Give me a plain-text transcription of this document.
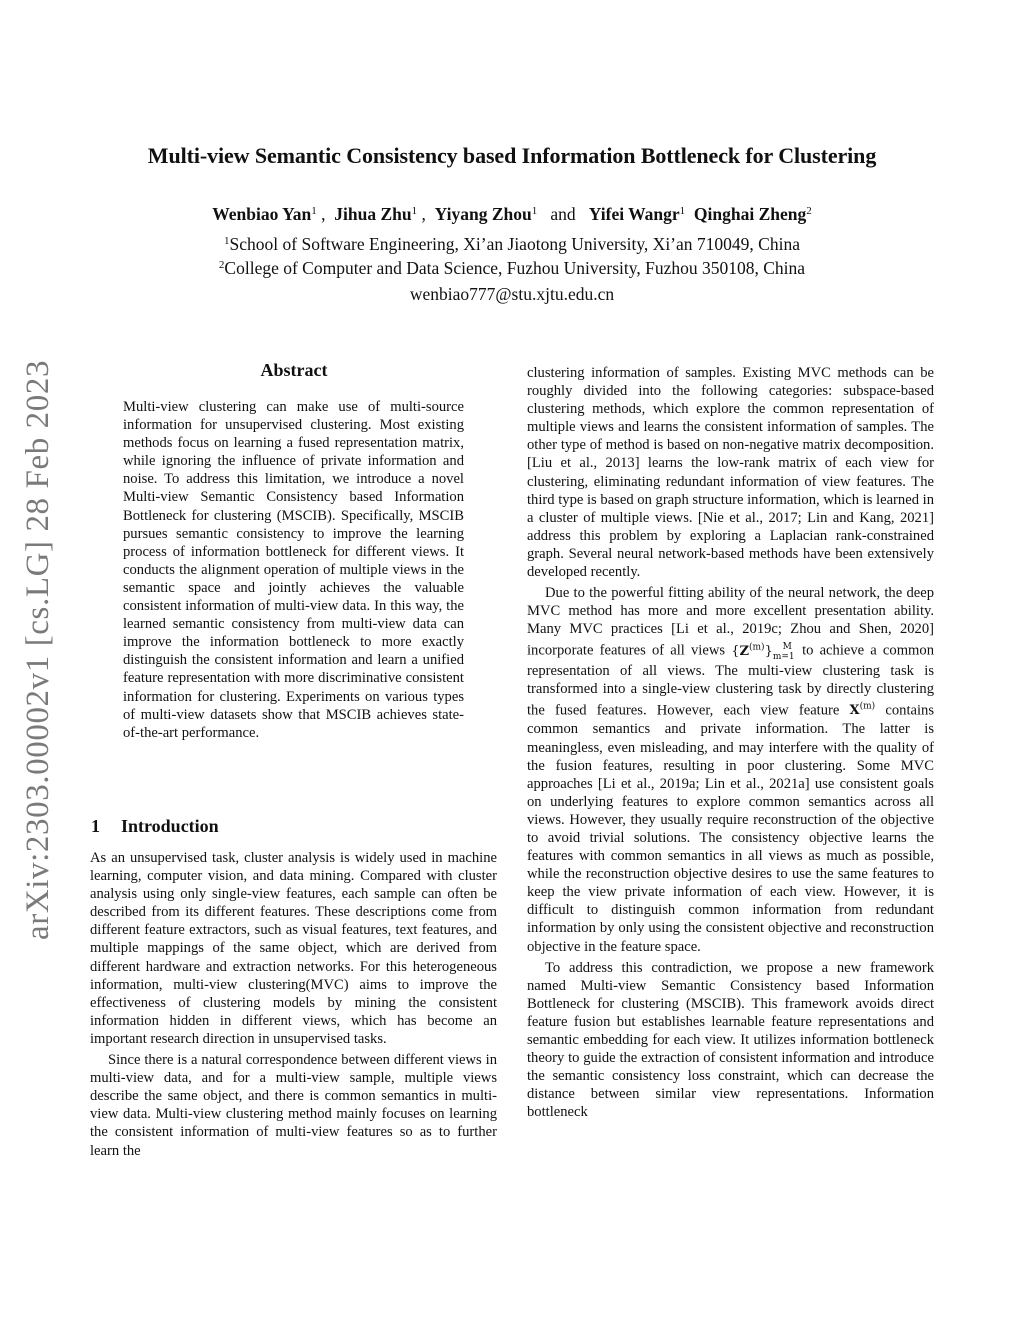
Multi-view Semantic Consistency based Information Bottleneck for Clustering
Wenbiao Yan$^1$ , Jihua Zhu$^1$ , Yiyang Zhou$^1$ and Yifei Wangr$^1$ Qinghai Zheng$^2$
$^1$School of Software Engineering, Xi’an Jiaotong University, Xi’an 710049, China
$^2$College of Computer and Data Science, Fuzhou University, Fuzhou 350108, China
wenbiao777@stu.xjtu.edu.cn
arXiv:2303.00002v1 [cs.LG] 28 Feb 2023	Abstract

Multi-view clustering can make use of multi-source information for unsupervised clustering. Most existing methods focus on learning a fused representation matrix, while ignoring the influence of private information and noise. To address this limitation, we introduce a novel Multi-view Semantic Consistency based Information Bottleneck for clustering (MSCIB). Specifically, MSCIB pursues semantic consistency to improve the learning process of information bottleneck for different views. It conducts the alignment operation of multiple views in the semantic space and jointly achieves the valuable consistent information of multi-view data. In this way, the learned semantic consistency from multi-view data can improve the information bottleneck to more exactly distinguish the consistent information and learn a unified feature representation with more discriminative consistent information for clustering. Experiments on various types of multi-view datasets show that MSCIB achieves state-of-the-art performance.

1 Introduction

As an unsupervised task, cluster analysis is widely used in machine learning, computer vision, and data mining. Compared with cluster analysis using only single-view features, each sample can often be described from its different features. These descriptions come from different feature extractors, such as visual features, text features, and multiple mappings of the same object, which are derived from different hardware and extraction networks. For this heterogeneous information, multi-view clustering(MVC) aims to improve the effectiveness of clustering models by mining the consistent information hidden in different views, which has become an important research direction in unsupervised tasks.

Since there is a natural correspondence between different views in multi-view data, and for a multi-view sample, multiple views describe the same object, and there is common semantics in multi-view data. Multi-view clustering method mainly focuses on learning the consistent information of multi-view features so as to further learn the

clustering information of samples. Existing MVC methods can be roughly divided into the following categories: subspace-based clustering methods, which explore the common representation of multiple views and learns the consistent information of samples. The other type of method is based on non-negative matrix decomposition. [Liu et al., 2013] learns the low-rank matrix of each view for clustering, eliminating redundant information of view features. The third type is based on graph structure information, which is learned in a cluster of multiple views. [Nie et al., 2017; Lin and Kang, 2021] address this problem by exploring a Laplacian rank-constrained graph. Several neural network-based methods have been extensively developed recently.

Due to the powerful fitting ability of the neural network, the deep MVC method has more and more excellent presentation ability. Many MVC practices [Li et al., 2019c; Zhou and Shen, 2020] incorporate features of all views $\{Z^{(m)}\}_{m=1}^M$ to achieve a common representation of all views. The multi-view clustering task is transformed into a single-view clustering task by directly clustering the fused features. However, each view feature $X^{(m)}$ contains common semantics and private information. The latter is meaningless, even misleading, and may interfere with the quality of the fusion features, resulting in poor clustering. Some MVC approaches [Li et al., 2019a; Lin et al., 2021a] use consistent goals on underlying features to explore common semantics across all views. However, they usually require reconstruction of the objective to avoid trivial solutions. The consistency objective learns the features with common semantics in all views as much as possible, while the reconstruction objective desires to use the same features to keep the view private information of each view. However, it is difficult to distinguish common information from redundant information by only using the consistent objective and reconstruction objective in the feature space.

To address this contradiction, we propose a new framework named Multi-view Semantic Consistency based Information Bottleneck for clustering (MSCIB). This framework avoids direct feature fusion but establishes learnable feature representations and semantic embedding for each view. It utilizes information bottleneck theory to guide the extraction of consistent information and introduce the semantic consistency loss constraint, which can decrease the distance between similar view representations. Information bottleneck
